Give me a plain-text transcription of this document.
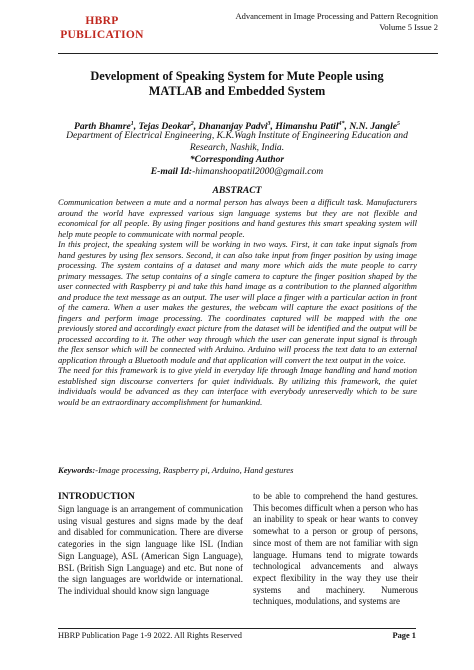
HBRP
PUBLICATION
Advancement in Image Processing and Pattern Recognition
Volume 5 Issue 2
Development of Speaking System for Mute People using
MATLAB and Embedded System
Parth Bhamre$^1$, Tejas Deokar$^2$, Dhananjay Padvi$^3$, Himanshu Patil$^{4*}$, N.N. Jangle$^5$
Department of Electrical Engineering, K.K.Wagh Institute of Engineering Education and
Research, Nashik, India.
*Corresponding Author
E-mail Id:-himanshoopatil2000@gmail.com
ABSTRACT

Communication between a mute and a normal person has always been a difficult task. Manufacturers around the world have expressed various sign language systems but they are not flexible and economical for all people. By using finger positions and hand gestures this smart speaking system will help mute people to communicate with normal people.

In this project, the speaking system will be working in two ways. First, it can take input signals from hand gestures by using flex sensors. Second, it can also take input from finger position by using image processing. The system contains of a dataset and many more which aids the mute people to carry primary messages. The setup contains of a single camera to capture the finger position shaped by the user connected with Raspberry pi and take this hand image as a contribution to the planned algorithm and produce the text message as an output. The user will place a finger with a particular action in front of the camera. When a user makes the gestures, the webcam will capture the exact positions of the fingers and perform image processing. The coordinates captured will be mapped with the one previously stored and accordingly exact picture from the dataset will be identified and the output will be processed according to it. The other way through which the user can generate input signal is through the flex sensor which will be connected with Arduino. Arduino will process the text data to an external application through a Bluetooth module and that application will convert the text output in the voice.

The need for this framework is to give yield in everyday life through Image handling and hand motion established sign discourse converters for quiet individuals. By utilizing this framework, the quiet individuals would be advanced as they can interface with everybody unreservedly which to be sure would be an extraordinary accomplishment for humankind.

Keywords:-Image processing, Raspberry pi, Arduino, Hand gestures
INTRODUCTION

Sign language is an arrangement of communication using visual gestures and signs made by the deaf and disabled for communication. There are diverse categories in the sign language like ISL (Indian Sign Language), ASL (American Sign Language), BSL (British Sign Language) and etc. But none of the sign languages are worldwide or international. The individual should know sign language

to be able to comprehend the hand gestures. This becomes difficult when a person who has an inability to speak or hear wants to convey somewhat to a person or group of persons, since most of them are not familiar with sign language. Humans tend to migrate towards technological advancements and always expect flexibility in the way they use their systems and machinery. Numerous techniques, modulations, and systems are

HBRP Publication Page 1-9 2022. All Rights Reserved	Page 1
